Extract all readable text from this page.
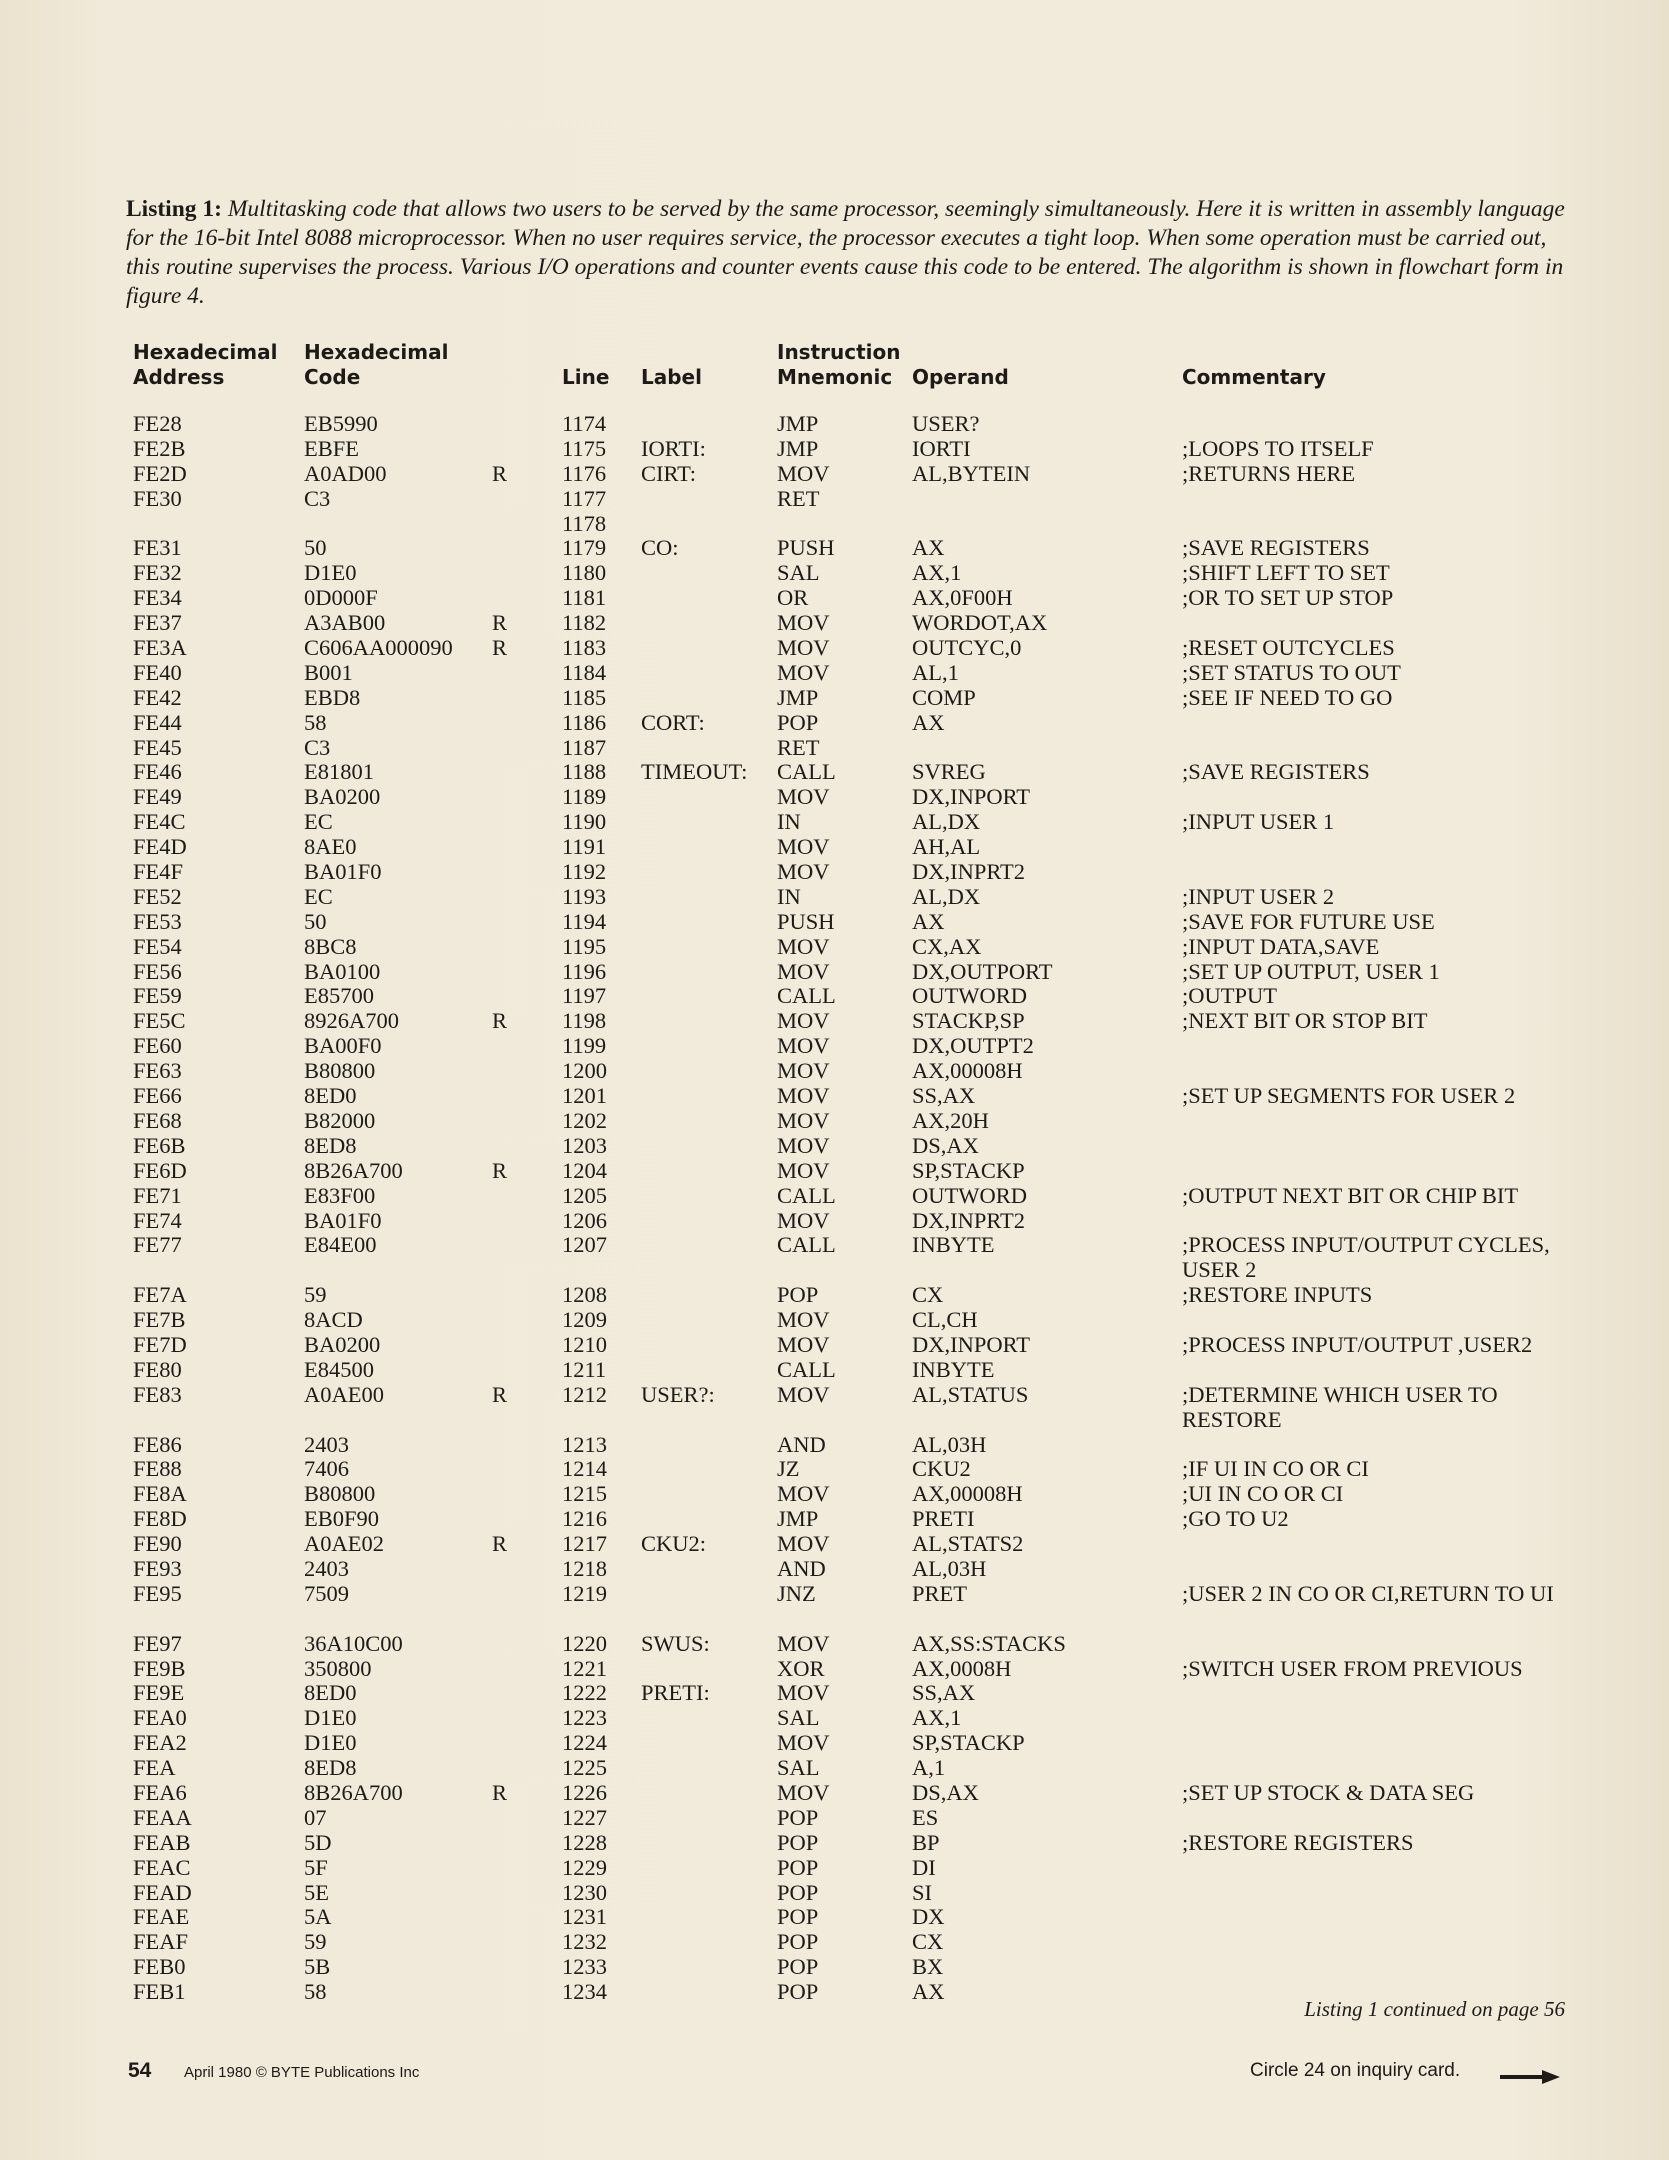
Listing 1: Multitasking code that allows two users to be served by the same processor, seemingly simultaneously. Here it is written in assembly language for the 16-bit Intel 8088 microprocessor. When no user requires service, the processor executes a tight loop. When some operation must be carried out, this routine supervises the process. Various I/O operations and counter events cause this code to be entered. The algorithm is shown in flowchart form in figure 4.
Hexadecimal
Address
Hexadecimal
Code	Line Label
Instruction
Mnemonic Operand	Commentary
FE28	EB5990	1174	JMP	USER?
FE2B	EBFE	1175 IORTI:	JMP	IORTI	;LOOPS TO ITSELF
FE2D	A0AD00	R 1176 CIRT:	MOV	AL,BYTEIN	;RETURNS HERE
FE30	C3	1177	RET
1178
FE31	50	1179 CO:	PUSH	AX	;SAVE REGISTERS
FE32	D1E0	1180	SAL	AX,1	;SHIFT LEFT TO SET
FE34	0D000F	1181	OR	AX,0F00H	;OR TO SET UP STOP
FE37	A3AB00	R 1182	MOV	WORDOT,AX
FE3A	C606AA000090 R 1183	MOV	OUTCYC,0	;RESET OUTCYCLES
FE40	B001	1184	MOV	AL,1	;SET STATUS TO OUT
FE42	EBD8	1185	JMP	COMP	;SEE IF NEED TO GO
FE44	58	1186 CORT:	POP	AX
FE45	C3	1187	RET
FE46	E81801	1188 TIMEOUT: CALL	SVREG	;SAVE REGISTERS
FE49	BA0200	1189	MOV	DX,INPORT
FE4C	EC	1190	IN	AL,DX	;INPUT USER 1
FE4D	8AE0	1191	MOV	AH,AL
FE4F	BA01F0	1192	MOV	DX,INPRT2
FE52	EC	1193	IN	AL,DX	;INPUT USER 2
FE53	50	1194	PUSH	AX	;SAVE FOR FUTURE USE
FE54	8BC8	1195	MOV	CX,AX	;INPUT DATA,SAVE
FE56	BA0100	1196	MOV	DX,OUTPORT	;SET UP OUTPUT, USER 1
FE59	E85700	1197	CALL	OUTWORD	;OUTPUT
FE5C	8926A700	R 1198	MOV	STACKP,SP	;NEXT BIT OR STOP BIT
FE60	BA00F0	1199	MOV	DX,OUTPT2
FE63	B80800	1200	MOV	AX,00008H
FE66	8ED0	1201	MOV	SS,AX	;SET UP SEGMENTS FOR USER 2
FE68	B82000	1202	MOV	AX,20H
FE6B	8ED8	1203	MOV	DS,AX
FE6D	8B26A700	R 1204	MOV	SP,STACKP
FE71	E83F00	1205	CALL	OUTWORD	;OUTPUT NEXT BIT OR CHIP BIT
FE74	BA01F0	1206	MOV	DX,INPRT2
FE77	E84E00	1207	CALL	INBYTE	;PROCESS INPUT/OUTPUT CYCLES, USER 2
FE7A	59	1208	POP	CX	;RESTORE INPUTS
FE7B	8ACD	1209	MOV	CL,CH
FE7D	BA0200	1210	MOV	DX,INPORT	;PROCESS INPUT/OUTPUT ,USER2
FE80	E84500	1211	CALL	INBYTE
FE83	A0AE00	R 1212 USER?:	MOV	AL,STATUS	;DETERMINE WHICH USER TO RESTORE
FE86	2403	1213	AND	AL,03H
FE88	7406	1214	JZ	CKU2	;IF UI IN CO OR CI
FE8A	B80800	1215	MOV	AX,00008H	;UI IN CO OR CI
FE8D	EB0F90	1216	JMP	PRETI	;GO TO U2
FE90	A0AE02	R 1217 CKU2:	MOV	AL,STATS2
FE93	2403	1218	AND	AL,03H
FE95	7509	1219	JNZ	PRET	;USER 2 IN CO OR CI,RETURN TO UI
FE97	36A10C00	1220 SWUS:	MOV	AX,SS:STACKS
FE9B	350800	1221	XOR	AX,0008H	;SWITCH USER FROM PREVIOUS
FE9E	8ED0	1222 PRETI:	MOV	SS,AX
FEA0	D1E0	1223	SAL	AX,1
FEA2	D1E0	1224	MOV	SP,STACKP
FEA	8ED8	1225	SAL	A,1
FEA6	8B26A700	R 1226	MOV	DS,AX	;SET UP STOCK & DATA SEG
FEAA	07	1227	POP	ES
FEAB	5D	1228	POP	BP	;RESTORE REGISTERS
FEAC	5F	1229	POP	DI
FEAD	5E	1230	POP	SI
FEAE	5A	1231	POP	DX
FEAF	59	1232	POP	CX
FEB0	5B	1233	POP	BX
FEB1	58	1234	POP	AX
Listing 1 continued on page 56
54 April 1980 © BYTE Publications Inc	Circle 24 on inquiry card.
